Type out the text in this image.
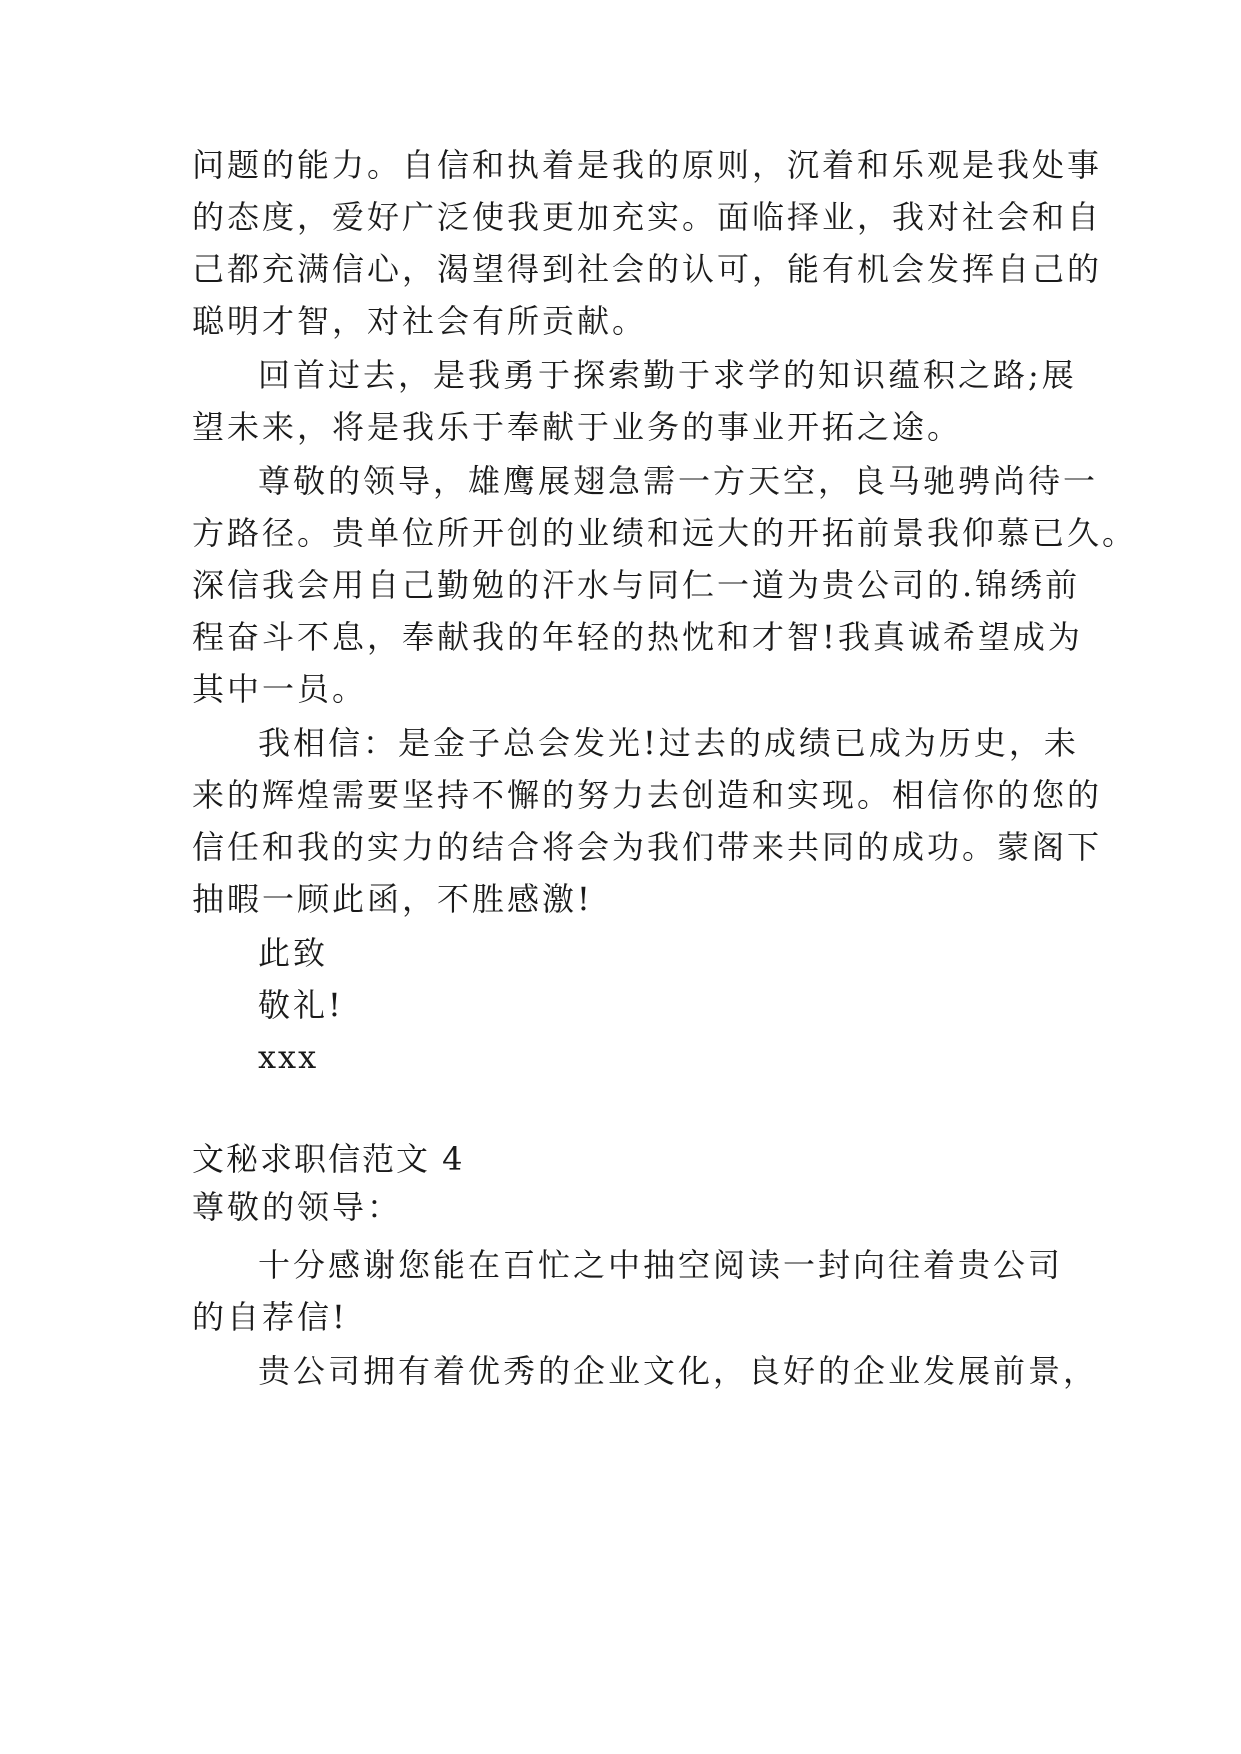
问题的能力。自信和执着是我的原则，沉着和乐观是我处事
的态度，爱好广泛使我更加充实。面临择业，我对社会和自
己都充满信心，渴望得到社会的认可，能有机会发挥自己的
聪明才智，对社会有所贡献。
回首过去，是我勇于探索勤于求学的知识蕴积之路;展
望未来，将是我乐于奉献于业务的事业开拓之途。
尊敬的领导，雄鹰展翅急需一方天空，良马驰骋尚待一
方路径。贵单位所开创的业绩和远大的开拓前景我仰慕已久。
深信我会用自己勤勉的汗水与同仁一道为贵公司的.锦绣前
程奋斗不息，奉献我的年轻的热忱和才智!我真诚希望成为
其中一员。
我相信：是金子总会发光!过去的成绩已成为历史，未
来的辉煌需要坚持不懈的努力去创造和实现。相信你的您的
信任和我的实力的结合将会为我们带来共同的成功。蒙阁下
抽暇一顾此函，不胜感激!
此致
敬礼!
xxx
文秘求职信范文 4
尊敬的领导：
十分感谢您能在百忙之中抽空阅读一封向往着贵公司
的自荐信!
贵公司拥有着优秀的企业文化，良好的企业发展前景，
